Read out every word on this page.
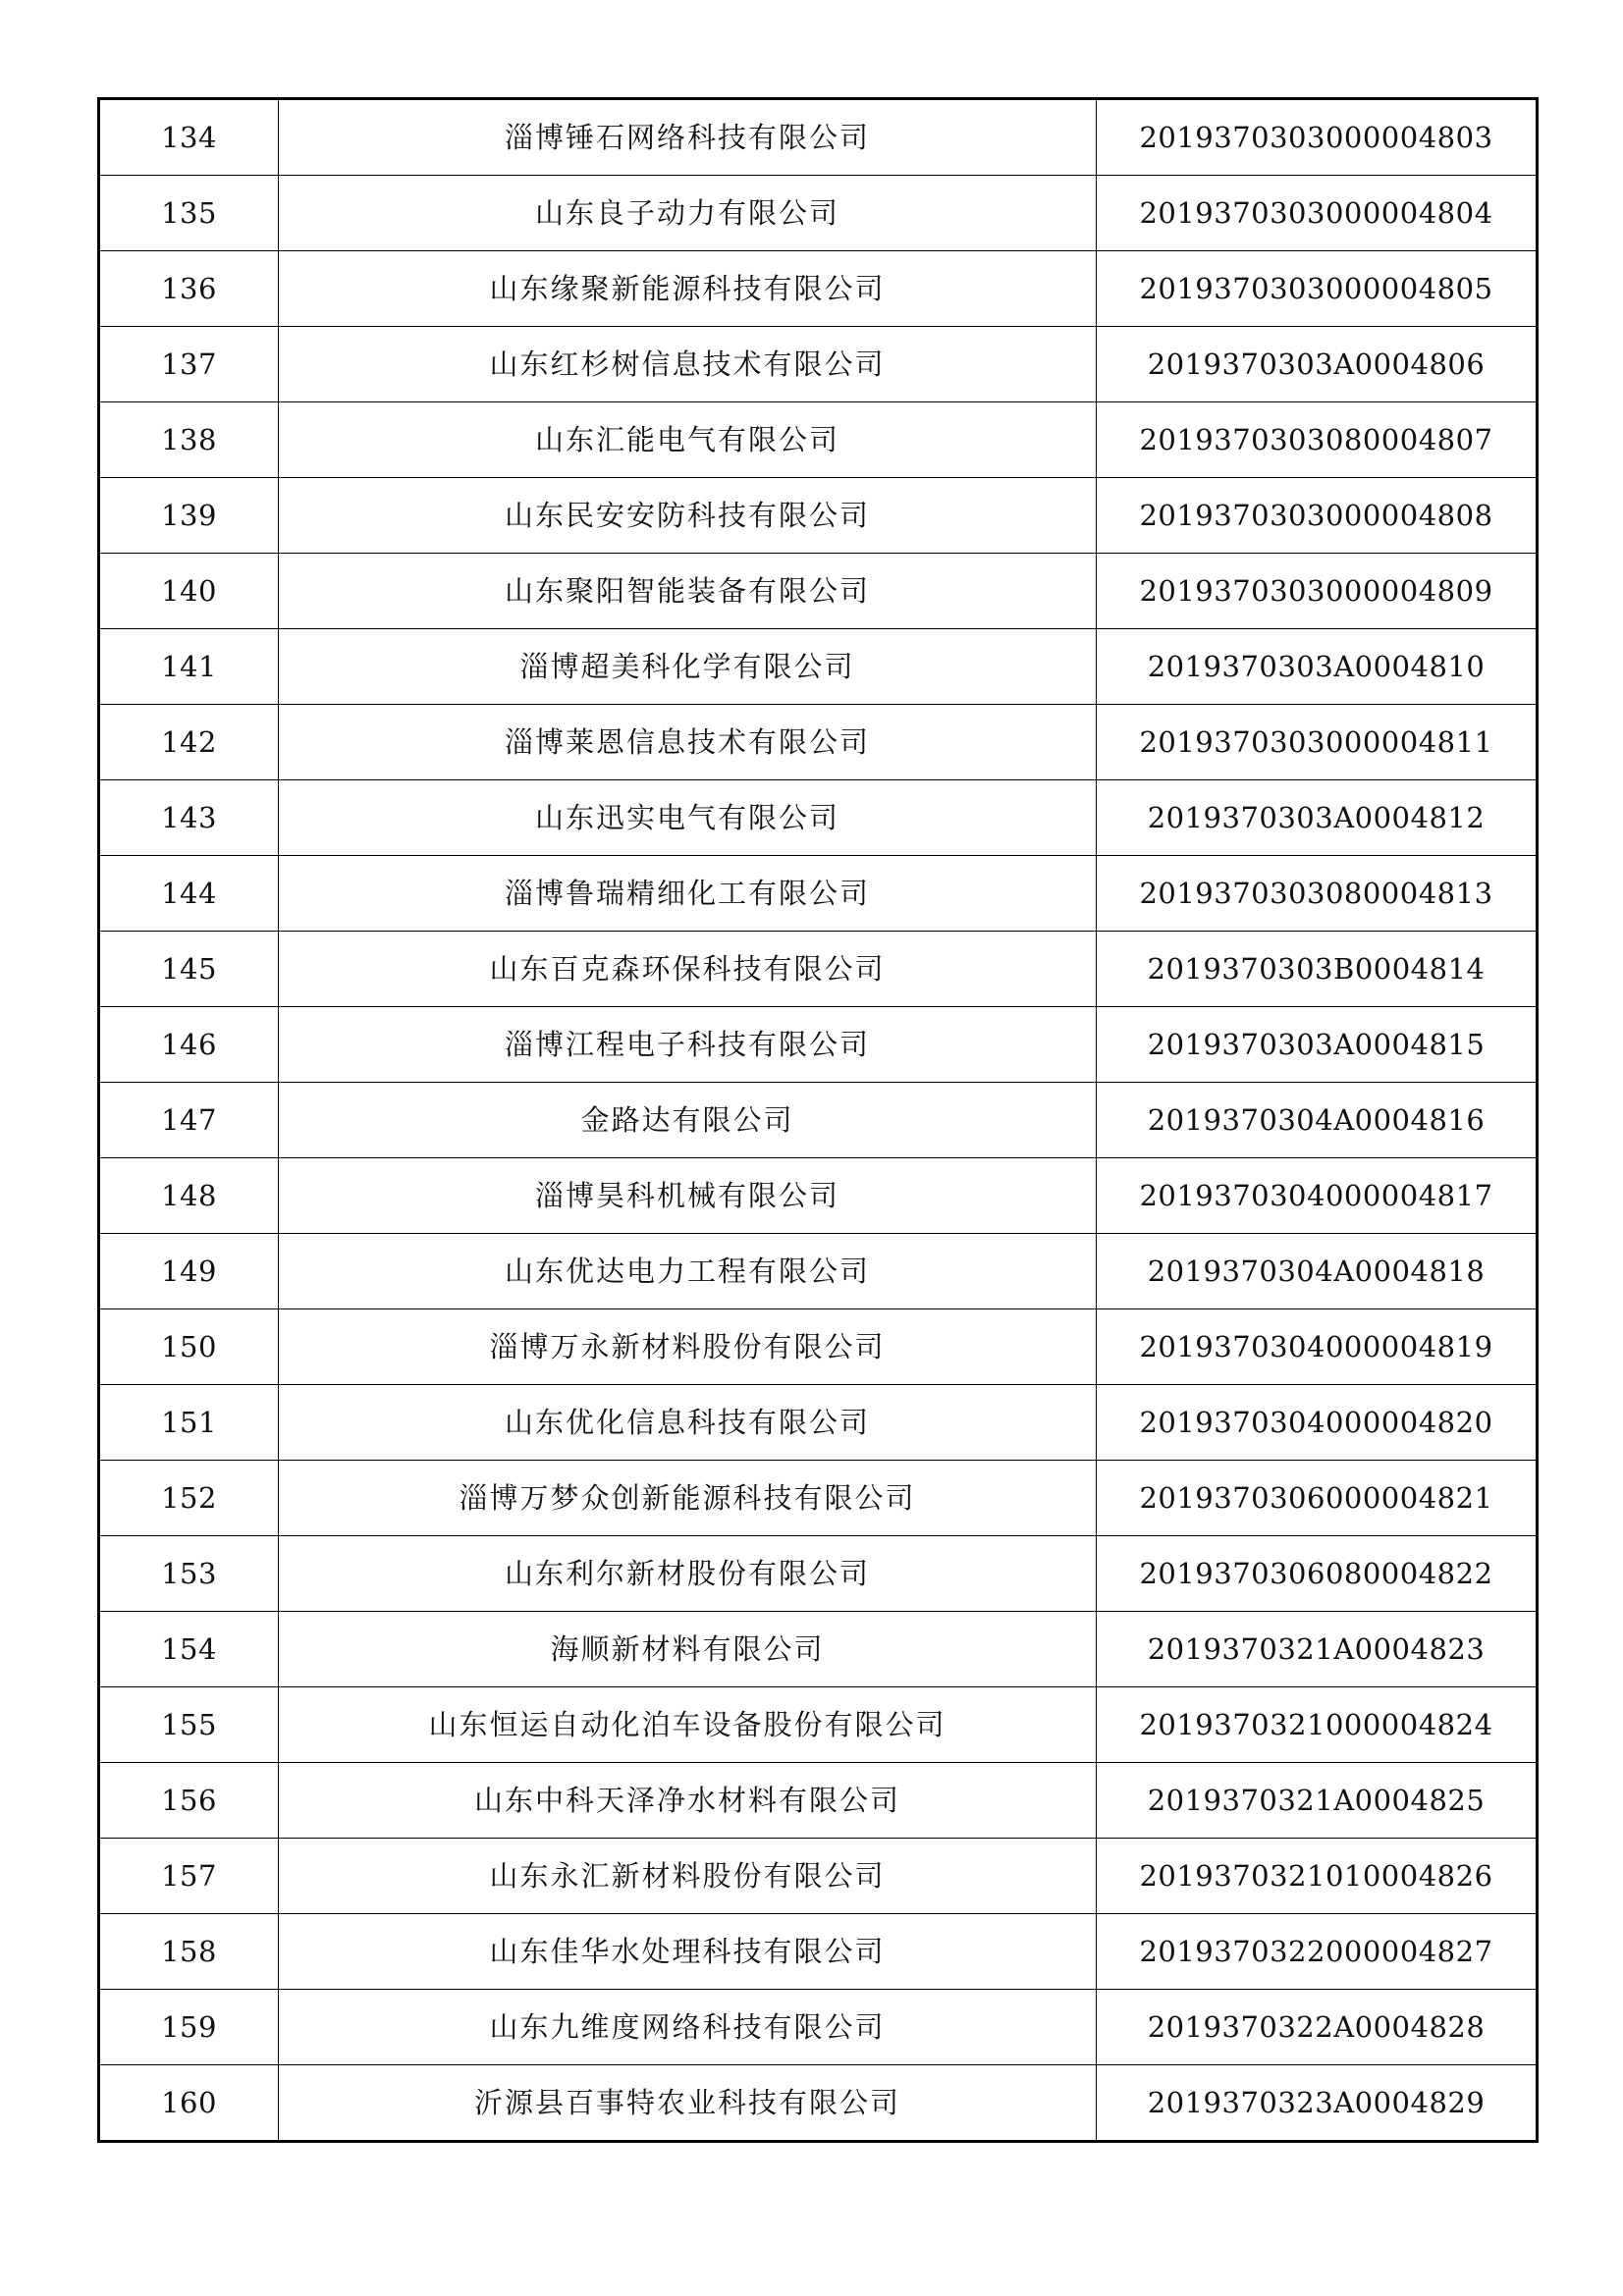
134	淄博锤石网络科技有限公司	2019370303000004803
135	山东良子动力有限公司	2019370303000004804
136	山东缘聚新能源科技有限公司	2019370303000004805
137	山东红杉树信息技术有限公司	2019370303A0004806
138	山东汇能电气有限公司	2019370303080004807
139	山东民安安防科技有限公司	2019370303000004808
140	山东聚阳智能装备有限公司	2019370303000004809
141	淄博超美科化学有限公司	2019370303A0004810
142	淄博莱恩信息技术有限公司	2019370303000004811
143	山东迅实电气有限公司	2019370303A0004812
144	淄博鲁瑞精细化工有限公司	2019370303080004813
145	山东百克森环保科技有限公司	2019370303B0004814
146	淄博江程电子科技有限公司	2019370303A0004815
147	金路达有限公司	2019370304A0004816
148	淄博昊科机械有限公司	2019370304000004817
149	山东优达电力工程有限公司	2019370304A0004818
150	淄博万永新材料股份有限公司	2019370304000004819
151	山东优化信息科技有限公司	2019370304000004820
152	淄博万梦众创新能源科技有限公司	2019370306000004821
153	山东利尔新材股份有限公司	2019370306080004822
154	海顺新材料有限公司	2019370321A0004823
155	山东恒运自动化泊车设备股份有限公司	2019370321000004824
156	山东中科天泽净水材料有限公司	2019370321A0004825
157	山东永汇新材料股份有限公司	2019370321010004826
158	山东佳华水处理科技有限公司	2019370322000004827
159	山东九维度网络科技有限公司	2019370322A0004828
160	沂源县百事特农业科技有限公司	2019370323A0004829
